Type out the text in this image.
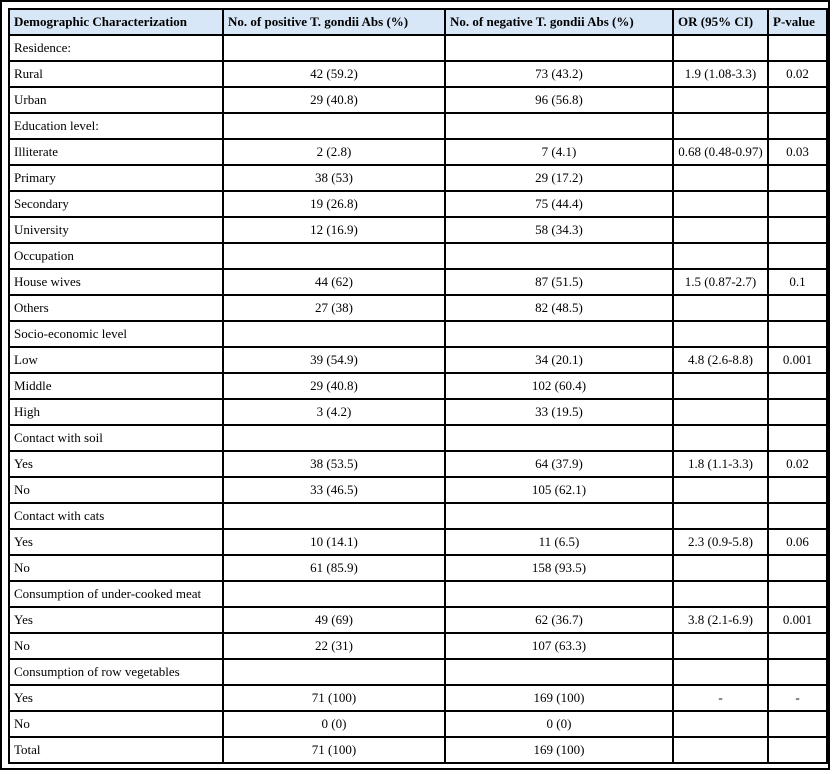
Demographic Characterization	No. of positive T. gondii Abs (%)	No. of negative T. gondii Abs (%)	OR (95% CI)	P-value
Residence:				
Rural	42 (59.2)	73 (43.2)	1.9 (1.08-3.3)	0.02
Urban	29 (40.8)	96 (56.8)		
Education level:				
Illiterate	2 (2.8)	7 (4.1)	0.68 (0.48-0.97)	0.03
Primary	38 (53)	29 (17.2)		
Secondary	19 (26.8)	75 (44.4)		
University	12 (16.9)	58 (34.3)		
Occupation				
House wives	44 (62)	87 (51.5)	1.5 (0.87-2.7)	0.1
Others	27 (38)	82 (48.5)		
Socio-economic level				
Low	39 (54.9)	34 (20.1)	4.8 (2.6-8.8)	0.001
Middle	29 (40.8)	102 (60.4)		
High	3 (4.2)	33 (19.5)		
Contact with soil				
Yes	38 (53.5)	64 (37.9)	1.8 (1.1-3.3)	0.02
No	33 (46.5)	105 (62.1)		
Contact with cats				
Yes	10 (14.1)	11 (6.5)	2.3 (0.9-5.8)	0.06
No	61 (85.9)	158 (93.5)		
Consumption of under-cooked meat				
Yes	49 (69)	62 (36.7)	3.8 (2.1-6.9)	0.001
No	22 (31)	107 (63.3)		
Consumption of row vegetables				
Yes	71 (100)	169 (100)	-	-
No	0 (0)	0 (0)		
Total	71 (100)	169 (100)		
